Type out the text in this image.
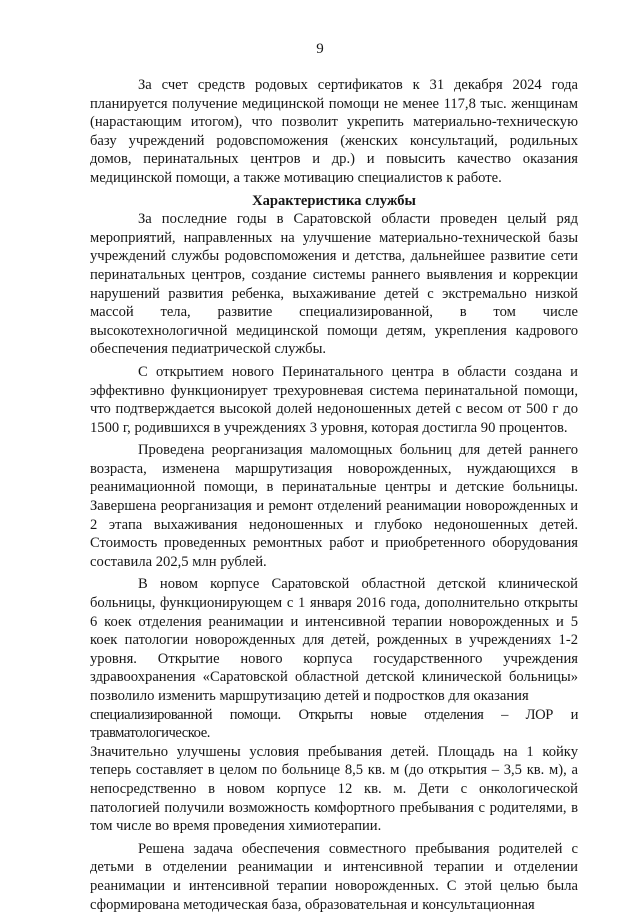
9

За счет средств родовых сертификатов к 31 декабря 2024 года планируется получение медицинской помощи не менее 117,8 тыс. женщинам (нарастающим итогом), что позволит укрепить материально-техническую базу учреждений родовспоможения (женских консультаций, родильных домов, перинатальных центров и др.) и повысить качество оказания медицинской помощи, а также мотивацию специалистов к работе.

Характеристика службы

За последние годы в Саратовской области проведен целый ряд мероприятий, направленных на улучшение материально-технической базы учреждений службы родовспоможения и детства, дальнейшее развитие сети перинатальных центров, создание системы раннего выявления и коррекции нарушений развития ребенка, выхаживание детей с экстремально низкой массой тела, развитие специализированной, в том числе высокотехнологичной медицинской помощи детям, укрепления кадрового обеспечения педиатрической службы.

С открытием нового Перинатального центра в области создана и эффективно функционирует трехуровневая система перинатальной помощи, что подтверждается высокой долей недоношенных детей с весом от 500 г до 1500 г, родившихся в учреждениях 3 уровня, которая достигла 90 процентов.

Проведена реорганизация маломощных больниц для детей раннего возраста, изменена маршрутизация новорожденных, нуждающихся в реанимационной помощи, в перинатальные центры и детские больницы. Завершена реорганизация и ремонт отделений реанимации новорожденных и 2 этапа выхаживания недоношенных и глубоко недоношенных детей. Стоимость проведенных ремонтных работ и приобретенного оборудования составила 202,5 млн рублей.

В новом корпусе Саратовской областной детской клинической больницы, функционирующем с 1 января 2016 года, дополнительно открыты 6 коек отделения реанимации и интенсивной терапии новорожденных и 5 коек патологии новорожденных для детей, рожденных в учреждениях 1-2 уровня. Открытие нового корпуса государственного учреждения здравоохранения «Саратовской областной детской клинической больницы» позволило изменить маршрутизацию детей и подростков для оказания

специализированной помощи. Открыты новые отделения – ЛОР и травматологическое.

Значительно улучшены условия пребывания детей. Площадь на 1 койку теперь составляет в целом по больнице 8,5 кв. м (до открытия – 3,5 кв. м), а непосредственно в новом корпусе 12 кв. м. Дети с онкологической патологией получили возможность комфортного пребывания с родителями, в том числе во время проведения химиотерапии.

Решена задача обеспечения совместного пребывания родителей с детьми в отделении реанимации и интенсивной терапии и отделении реанимации и интенсивной терапии новорожденных. С этой целью была сформирована методическая база, образовательная и консультационная
